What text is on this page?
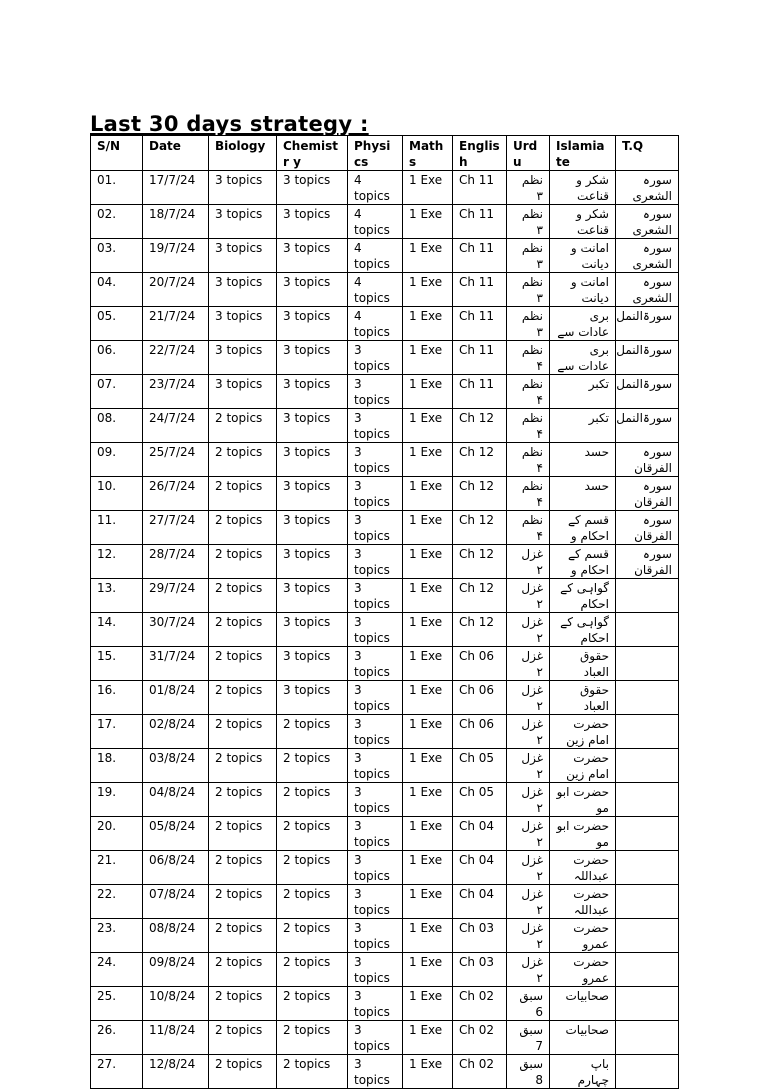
Last 30 days strategy :
S/N	Date	Biology	Chemistr y	Physics	Maths	Englis h	Urdu	Islamiate	T.Q
01.	17/7/24	3 topics	3 topics	4 topics	1 Exe	Ch 11	نظم ۳	شکر و قناعت	سورہ الشعری
02.	18/7/24	3 topics	3 topics	4 topics	1 Exe	Ch 11	نظم ۳	شکر و قناعت	سورہ الشعری
03.	19/7/24	3 topics	3 topics	4 topics	1 Exe	Ch 11	نظم ۳	امانت و دیانت	سورہ الشعری
04.	20/7/24	3 topics	3 topics	4 topics	1 Exe	Ch 11	نظم ۳	امانت و دیانت	سورہ الشعری
05.	21/7/24	3 topics	3 topics	4 topics	1 Exe	Ch 11	نظم ۳	بری عادات سے	سورۃالنمل
06.	22/7/24	3 topics	3 topics	3 topics	1 Exe	Ch 11	نظم ۴	بری عادات سے	سورۃالنمل
07.	23/7/24	3 topics	3 topics	3 topics	1 Exe	Ch 11	نظم ۴	تکبر	سورۃالنمل
08.	24/7/24	2 topics	3 topics	3 topics	1 Exe	Ch 12	نظم ۴	تکبر	سورۃالنمل
09.	25/7/24	2 topics	3 topics	3 topics	1 Exe	Ch 12	نظم ۴	حسد	سورہ الفرقان
10.	26/7/24	2 topics	3 topics	3 topics	1 Exe	Ch 12	نظم ۴	حسد	سورہ الفرقان
11.	27/7/24	2 topics	3 topics	3 topics	1 Exe	Ch 12	نظم ۴	قسم کے احکام و	سورہ الفرقان
12.	28/7/24	2 topics	3 topics	3 topics	1 Exe	Ch 12	غزل ۲	قسم کے احکام و	سورہ الفرقان
13.	29/7/24	2 topics	3 topics	3 topics	1 Exe	Ch 12	غزل ۲	گواہی کے احکام	
14.	30/7/24	2 topics	3 topics	3 topics	1 Exe	Ch 12	غزل ۲	گواہی کے احکام	
15.	31/7/24	2 topics	3 topics	3 topics	1 Exe	Ch 06	غزل ۲	حقوق العباد	
16.	01/8/24	2 topics	3 topics	3 topics	1 Exe	Ch 06	غزل ۲	حقوق العباد	
17.	02/8/24	2 topics	2 topics	3 topics	1 Exe	Ch 06	غزل ۲	حضرت امام زین	
18.	03/8/24	2 topics	2 topics	3 topics	1 Exe	Ch 05	غزل ۲	حضرت امام زین	
19.	04/8/24	2 topics	2 topics	3 topics	1 Exe	Ch 05	غزل ۲	حضرت ابو مو	
20.	05/8/24	2 topics	2 topics	3 topics	1 Exe	Ch 04	غزل ۲	حضرت ابو مو	
21.	06/8/24	2 topics	2 topics	3 topics	1 Exe	Ch 04	غزل ۲	حضرت عبداللہ	
22.	07/8/24	2 topics	2 topics	3 topics	1 Exe	Ch 04	غزل ۲	حضرت عبداللہ	
23.	08/8/24	2 topics	2 topics	3 topics	1 Exe	Ch 03	غزل ۲	حضرت عمرو	
24.	09/8/24	2 topics	2 topics	3 topics	1 Exe	Ch 03	غزل ۲	حضرت عمرو	
25.	10/8/24	2 topics	2 topics	3 topics	1 Exe	Ch 02	سبق 6	صحابیات	
26.	11/8/24	2 topics	2 topics	3 topics	1 Exe	Ch 02	سبق 7	صحابیات	
27.	12/8/24	2 topics	2 topics	3 topics	1 Exe	Ch 02	سبق 8	باپ چہارم	
